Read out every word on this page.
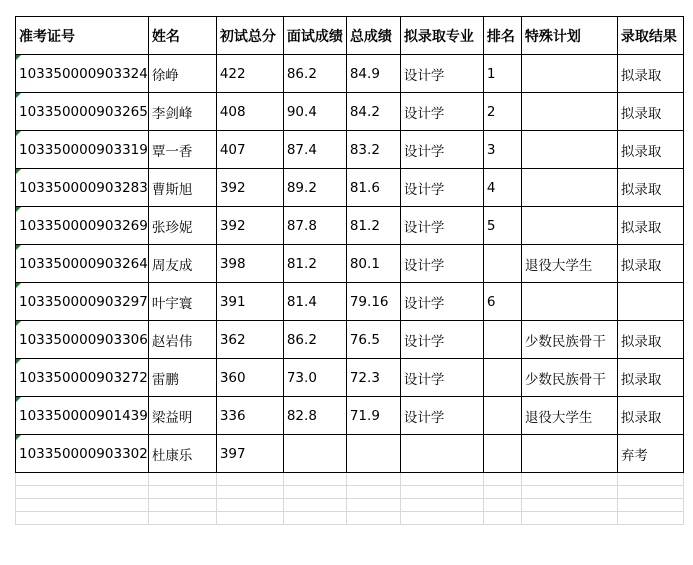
准考证号	姓名	初试总分	面试成绩	总成绩	拟录取专业	排名	特殊计划	录取结果
103350000903324	徐峥	422	86.2	84.9	设计学	1		拟录取
103350000903265	李剑峰	408	90.4	84.2	设计学	2		拟录取
103350000903319	覃一香	407	87.4	83.2	设计学	3		拟录取
103350000903283	曹斯旭	392	89.2	81.6	设计学	4		拟录取
103350000903269	张珍妮	392	87.8	81.2	设计学	5		拟录取
103350000903264	周友成	398	81.2	80.1	设计学		退役大学生	拟录取
103350000903297	叶宇寰	391	81.4	79.16	设计学	6		
103350000903306	赵岩伟	362	86.2	76.5	设计学		少数民族骨干	拟录取
103350000903272	雷鹏	360	73.0	72.3	设计学		少数民族骨干	拟录取
103350000901439	梁益明	336	82.8	71.9	设计学		退役大学生	拟录取
103350000903302	杜康乐	397						弃考
